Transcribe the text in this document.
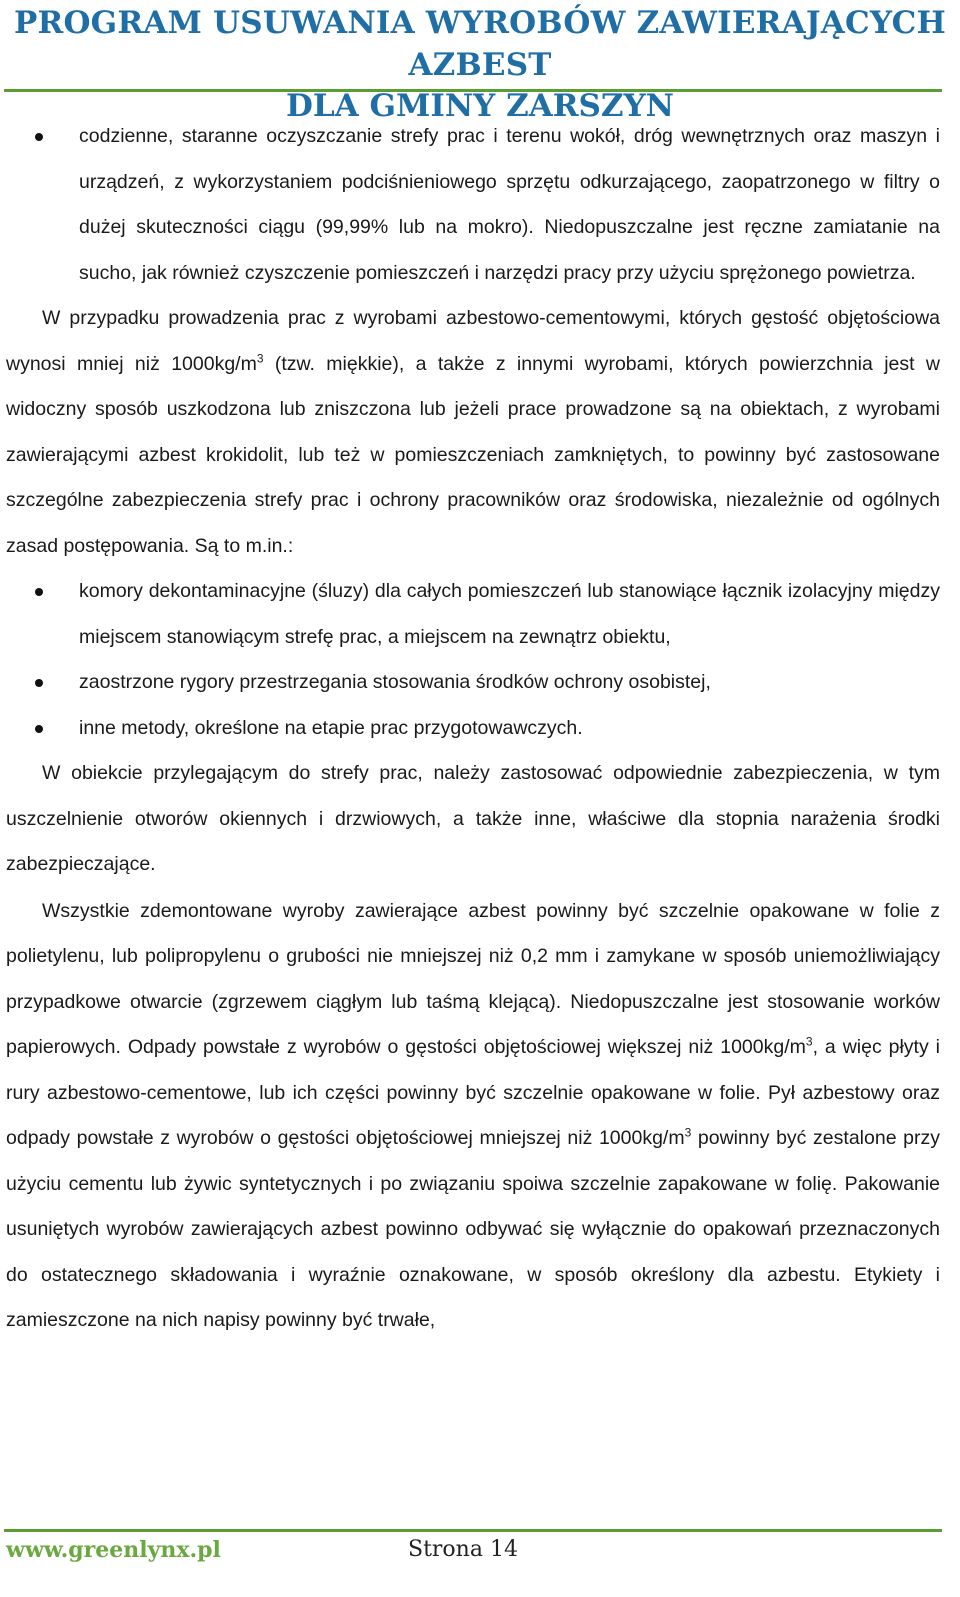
PROGRAM USUWANIA WYROBÓW ZAWIERAJĄCYCH AZBEST
DLA GMINY ZARSZYN
codzienne, staranne oczyszczanie strefy prac i terenu wokół, dróg wewnętrznych oraz maszyn i urządzeń, z wykorzystaniem podciśnieniowego sprzętu odkurzającego, zaopatrzonego w filtry o dużej skuteczności ciągu (99,99% lub na mokro). Niedopuszczalne jest ręczne zamiatanie na sucho, jak również czyszczenie pomieszczeń i narzędzi pracy przy użyciu sprężonego powietrza.
W przypadku prowadzenia prac z wyrobami azbestowo-cementowymi, których gęstość objętościowa wynosi mniej niż $1000kg/m^3$ (tzw. miękkie), a także z innymi wyrobami, których powierzchnia jest w widoczny sposób uszkodzona lub zniszczona lub jeżeli prace prowadzone są na obiektach, z wyrobami zawierającymi azbest krokidolit, lub też w pomieszczeniach zamkniętych, to powinny być zastosowane szczególne zabezpieczenia strefy prac i ochrony pracowników oraz środowiska, niezależnie od ogólnych zasad postępowania. Są to m.in.:
komory dekontaminacyjne (śluzy) dla całych pomieszczeń lub stanowiące łącznik izolacyjny między miejscem stanowiącym strefę prac, a miejscem na zewnątrz obiektu,
zaostrzone rygory przestrzegania stosowania środków ochrony osobistej,
inne metody, określone na etapie prac przygotowawczych.
W obiekcie przylegającym do strefy prac, należy zastosować odpowiednie zabezpieczenia, w tym uszczelnienie otworów okiennych i drzwiowych, a także inne, właściwe dla stopnia narażenia środki zabezpieczające.
Wszystkie zdemontowane wyroby zawierające azbest powinny być szczelnie opakowane w folie z polietylenu, lub polipropylenu o grubości nie mniejszej niż 0,2 mm i zamykane w sposób uniemożliwiający przypadkowe otwarcie (zgrzewem ciągłym lub taśmą klejącą). Niedopuszczalne jest stosowanie worków papierowych. Odpady powstałe z wyrobów o gęstości objętościowej większej niż $1000kg/m^3$, a więc płyty i rury azbestowo-cementowe, lub ich części powinny być szczelnie opakowane w folie. Pył azbestowy oraz odpady powstałe z wyrobów o gęstości objętościowej mniejszej niż $1000kg/m^3$ powinny być zestalone przy użyciu cementu lub żywic syntetycznych i po związaniu spoiwa szczelnie zapakowane w folię. Pakowanie usuniętych wyrobów zawierających azbest powinno odbywać się wyłącznie do opakowań przeznaczonych do ostatecznego składowania i wyraźnie oznakowane, w sposób określony dla azbestu. Etykiety i zamieszczone na nich napisy powinny być trwałe,
www.greenlynx.pl	Strona 14
